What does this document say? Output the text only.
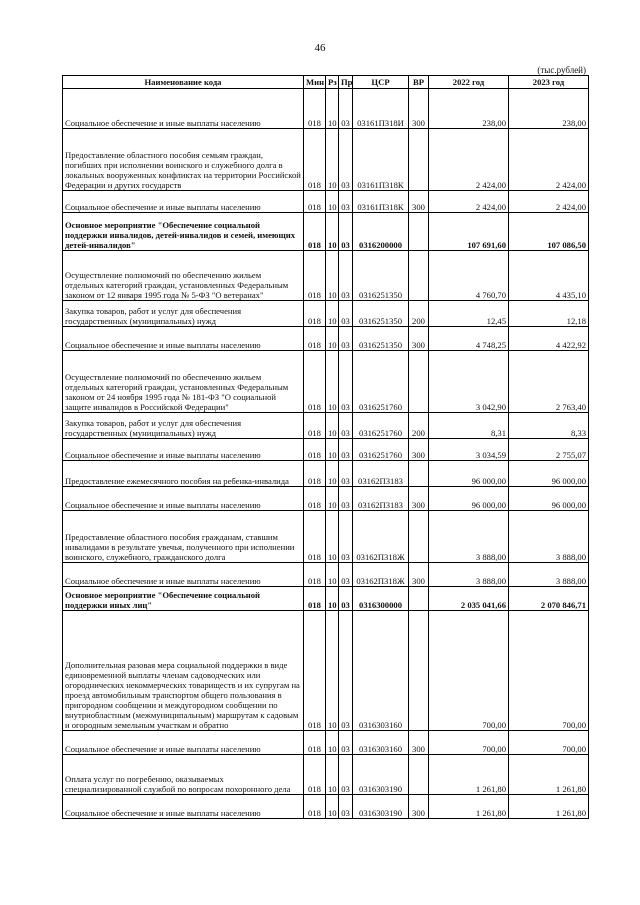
46
(тыс.рублей)
Наименование кода	Мин	Рз	Пр	ЦСР	ВР	2022 год	2023 год
Социальное обеспечение и иные выплаты населению	018	10	03	03161П318И	300	238,00	238,00
Предоставление областного пособия семьям граждан, погибших при исполнении воинского и служебного долга в локальных вооруженных конфликтах на территории Российской Федерации и других государств	018	10	03	03161П318К		2 424,00	2 424,00
Социальное обеспечение и иные выплаты населению	018	10	03	03161П318К	300	2 424,00	2 424,00
Основное мероприятие "Обеспечение социальной поддержки инвалидов, детей-инвалидов и семей, имеющих детей-инвалидов"	018	10	03	0316200000		107 691,60	107 086,50
Осуществление полномочий по обеспечению жильем отдельных категорий граждан, установленных Федеральным законом от 12 января 1995 года № 5-ФЗ "О ветеранах"	018	10	03	0316251350		4 760,70	4 435,10
Закупка товаров, работ и услуг для обеспечения государственных (муниципальных) нужд	018	10	03	0316251350	200	12,45	12,18
Социальное обеспечение и иные выплаты населению	018	10	03	0316251350	300	4 748,25	4 422,92
Осуществление полномочий по обеспечению жильем отдельных категорий граждан, установленных Федеральным законом от 24 ноября 1995 года № 181-ФЗ "О социальной защите инвалидов в Российской Федерации"	018	10	03	0316251760		3 042,90	2 763,40
Закупка товаров, работ и услуг для обеспечения государственных (муниципальных) нужд	018	10	03	0316251760	200	8,31	8,33
Социальное обеспечение и иные выплаты населению	018	10	03	0316251760	300	3 034,59	2 755,07
Предоставление ежемесячного пособия на ребенка-инвалида	018	10	03	03162П3183		96 000,00	96 000,00
Социальное обеспечение и иные выплаты населению	018	10	03	03162П3183	300	96 000,00	96 000,00
Предоставление областного пособия гражданам, ставшим инвалидами в результате увечья, полученного при исполнении воинского, служебного, гражданского долга	018	10	03	03162П318Ж		3 888,00	3 888,00
Социальное обеспечение и иные выплаты населению	018	10	03	03162П318Ж	300	3 888,00	3 888,00
Основное мероприятие "Обеспечение социальной поддержки иных лиц"	018	10	03	0316300000		2 035 041,66	2 070 846,71
Дополнительная разовая мера социальной поддержки в виде единовременной выплаты членам садоводческих или огороднических некоммерческих товариществ и их супругам на проезд автомобильным транспортом общего пользования в пригородном сообщении и междугородном сообщении по внутриобластным (межмуниципальным) маршрутам к садовым и огородным земельным участкам и обратно	018	10	03	0316303160		700,00	700,00
Социальное обеспечение и иные выплаты населению	018	10	03	0316303160	300	700,00	700,00
Оплата услуг по погребению, оказываемых специализированной службой по вопросам похоронного дела	018	10	03	0316303190		1 261,80	1 261,80
Социальное обеспечение и иные выплаты населению	018	10	03	0316303190	300	1 261,80	1 261,80
